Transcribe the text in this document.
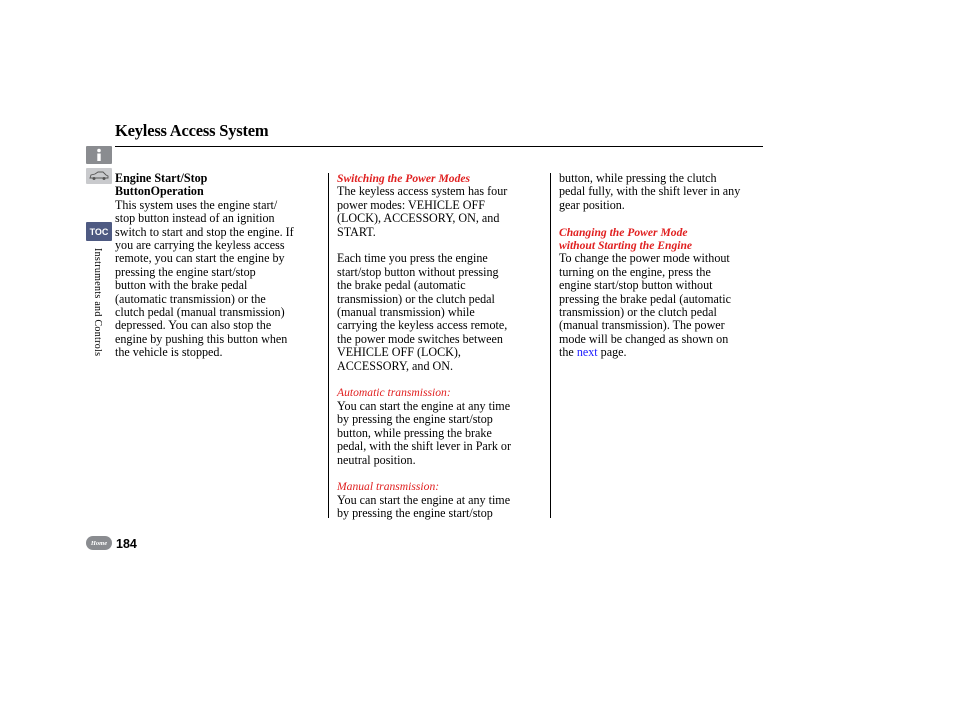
Keyless Access System
TOC
Instruments and Controls

Engine Start/Stop
ButtonOperation

This system uses the engine start/
stop button instead of an ignition
switch to start and stop the engine. If
you are carrying the keyless access
remote, you can start the engine by
pressing the engine start/stop
button with the brake pedal
(automatic transmission) or the
clutch pedal (manual transmission)
depressed. You can also stop the
engine by pushing this button when
the vehicle is stopped.

Switching the Power Modes

The keyless access system has four
power modes: VEHICLE OFF
(LOCK), ACCESSORY, ON, and
START.

Each time you press the engine
start/stop button without pressing
the brake pedal (automatic
transmission) or the clutch pedal
(manual transmission) while
carrying the keyless access remote,
the power mode switches between
VEHICLE OFF (LOCK),
ACCESSORY, and ON.

Automatic transmission:

You can start the engine at any time
by pressing the engine start/stop
button, while pressing the brake
pedal, with the shift lever in Park or
neutral position.

Manual transmission:

You can start the engine at any time
by pressing the engine start/stop

button, while pressing the clutch
pedal fully, with the shift lever in any
gear position.

Changing the Power Mode
without Starting the Engine

To change the power mode without
turning on the engine, press the
engine start/stop button without
pressing the brake pedal (automatic
transmission) or the clutch pedal
(manual transmission). The power
mode will be changed as shown on
the next page.

Home 184
